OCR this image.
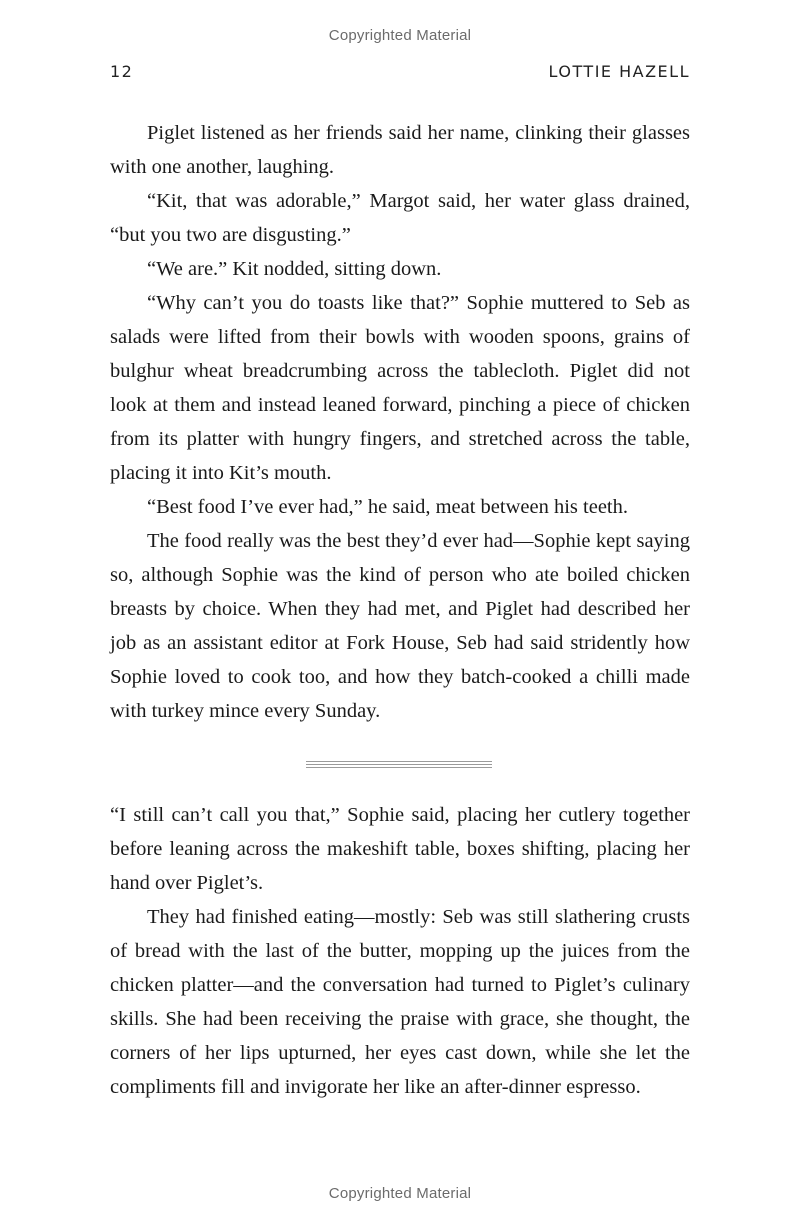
Copyrighted Material
12	LOTTIE HAZELL

Piglet listened as her friends said her name, clinking their glasses with one another, laughing.

“Kit, that was adorable,” Margot said, her water glass drained, “but you two are disgusting.”

“We are.” Kit nodded, sitting down.

“Why can’t you do toasts like that?” Sophie muttered to Seb as salads were lifted from their bowls with wooden spoons, grains of bulghur wheat breadcrumbing across the tablecloth. Piglet did not look at them and instead leaned forward, pinching a piece of chicken from its platter with hungry fingers, and stretched across the table, placing it into Kit’s mouth.

“Best food I’ve ever had,” he said, meat between his teeth.

The food really was the best they’d ever had—Sophie kept saying so, although Sophie was the kind of person who ate boiled chicken breasts by choice. When they had met, and Piglet had described her job as an assistant editor at Fork House, Seb had said stridently how Sophie loved to cook too, and how they batch-cooked a chilli made with turkey mince every Sunday.

“I still can’t call you that,” Sophie said, placing her cutlery together before leaning across the makeshift table, boxes shifting, placing her hand over Piglet’s.

They had finished eating—mostly: Seb was still slathering crusts of bread with the last of the butter, mopping up the juices from the chicken platter—and the conversation had turned to Piglet’s culinary skills. She had been receiving the praise with grace, she thought, the corners of her lips upturned, her eyes cast down, while she let the compliments fill and invigorate her like an after-dinner espresso.

Copyrighted Material
